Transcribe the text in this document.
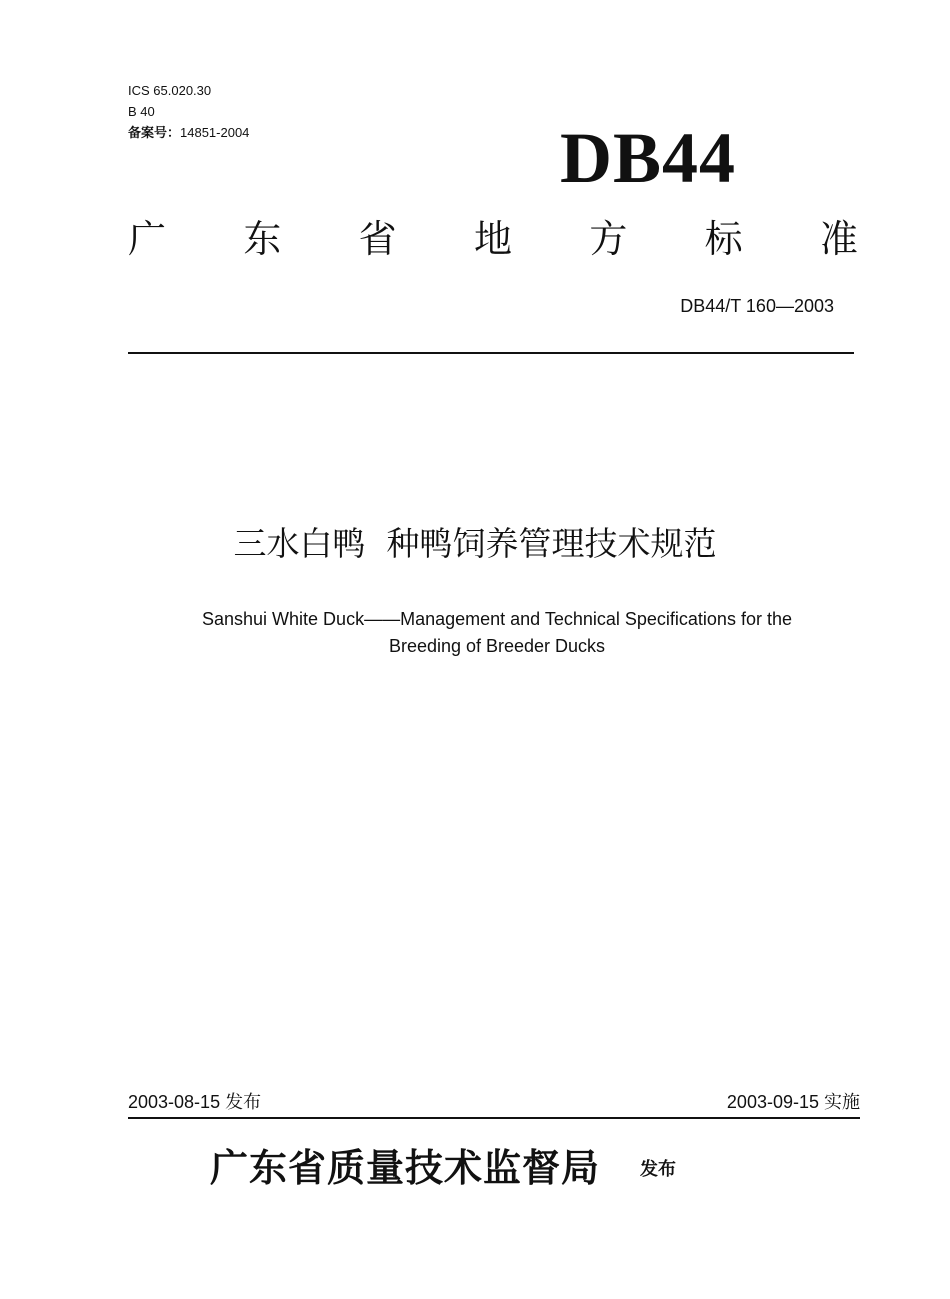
ICS 65.020.30
B 40
备案号：14851-2004	DB44
广 东 省 地 方 标 准
DB44/T 160—2003
三水白鸭  种鸭饲养管理技术规范
Sanshui White Duck——Management and Technical Specifications for the
Breeding of Breeder Ducks
2003-08-15 发布	2003-09-15 实施
广东省质量技术监督局 发布
